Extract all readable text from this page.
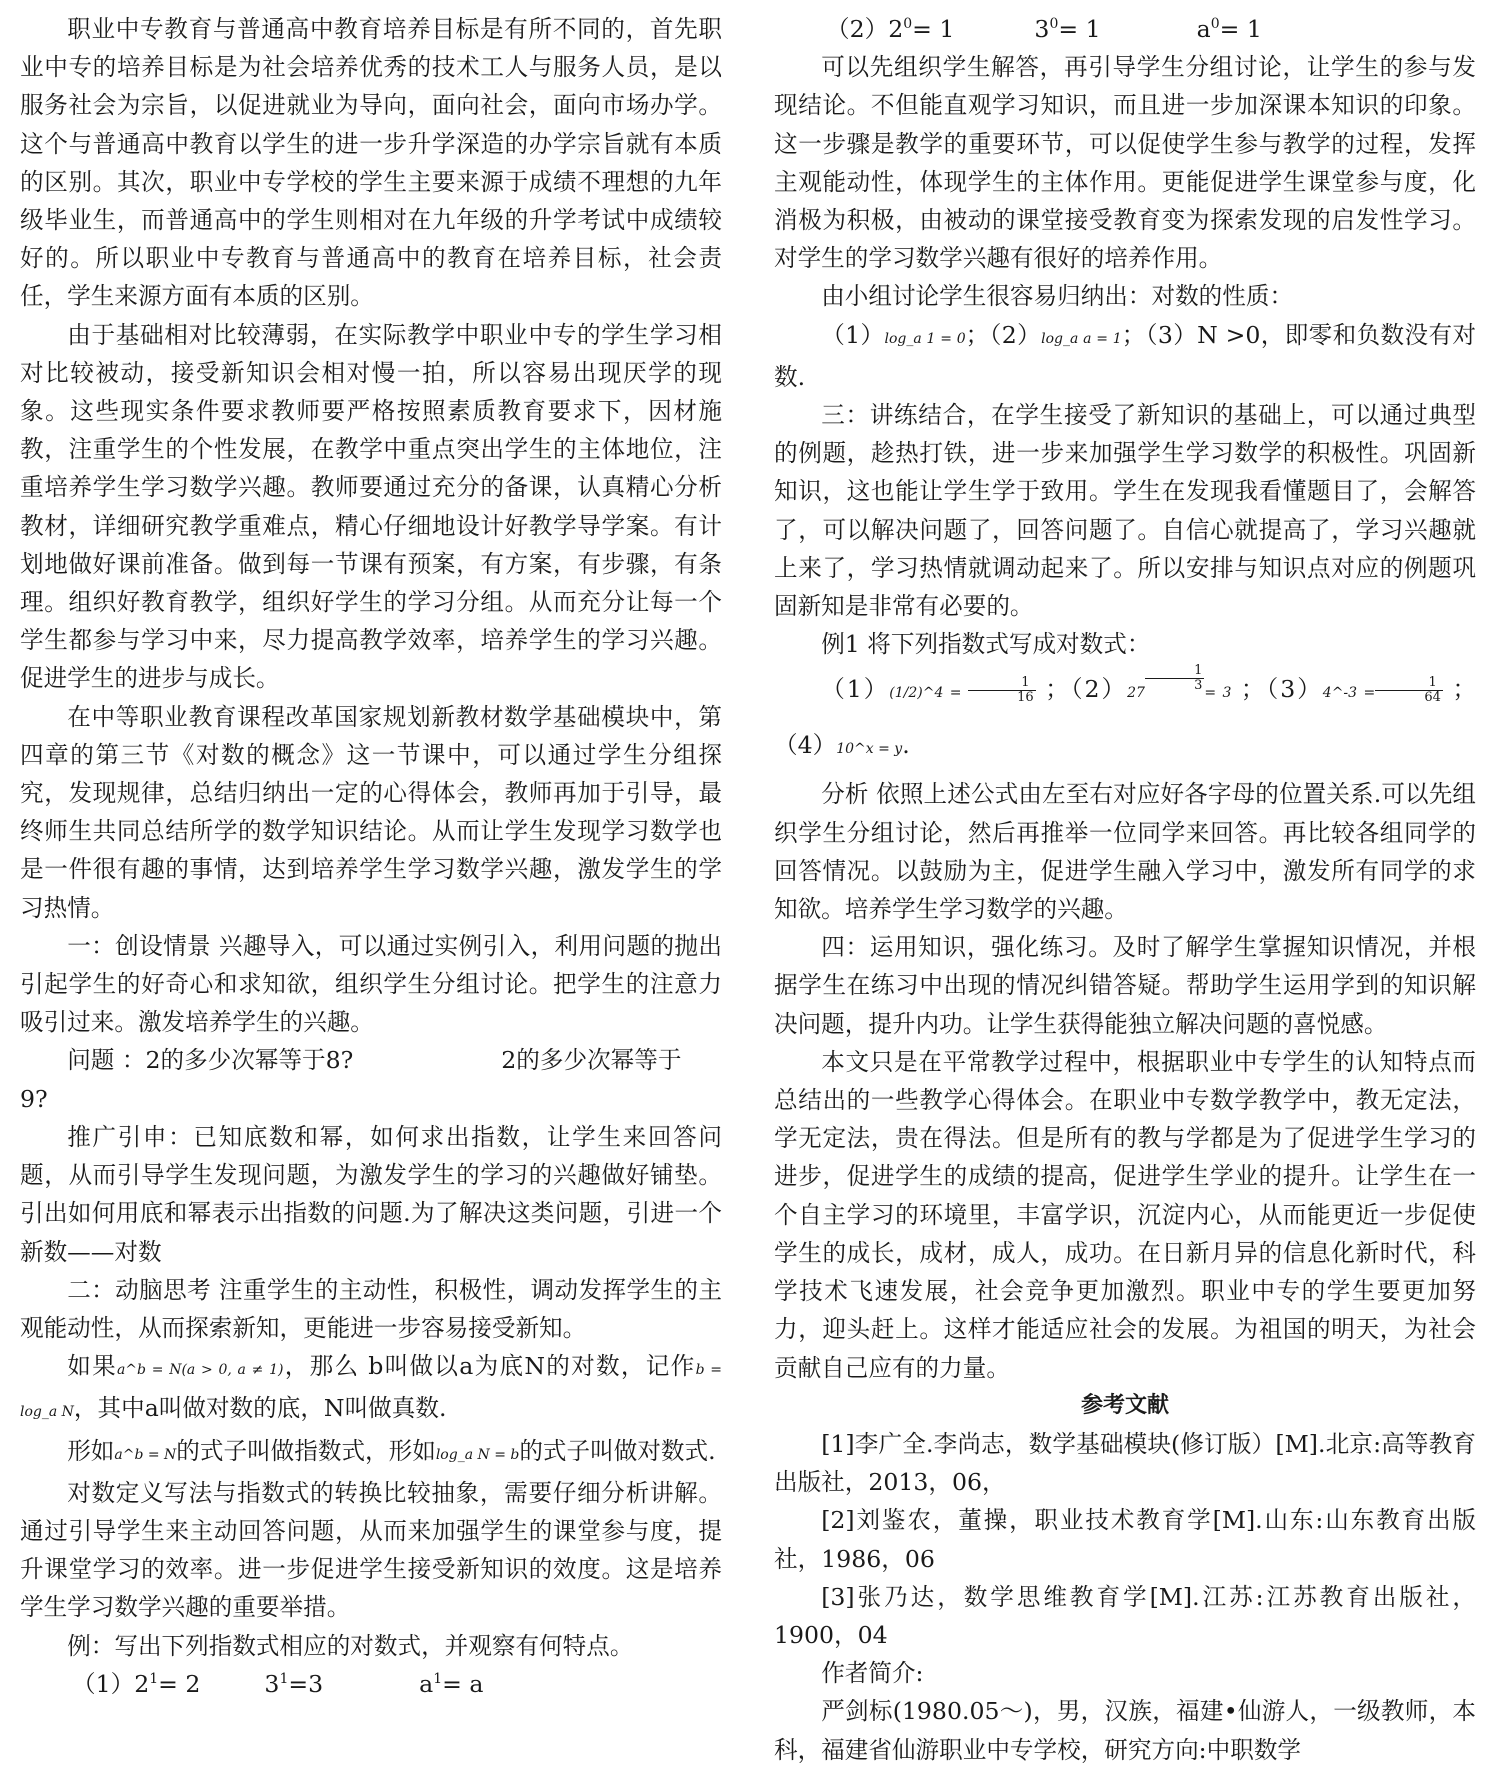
职业中专教育与普通高中教育培养目标是有所不同的，首先职业中专的培养目标是为社会培养优秀的技术工人与服务人员，是以服务社会为宗旨，以促进就业为导向，面向社会，面向市场办学。这个与普通高中教育以学生的进一步升学深造的办学宗旨就有本质的区别。其次，职业中专学校的学生主要来源于成绩不理想的九年级毕业生，而普通高中的学生则相对在九年级的升学考试中成绩较好的。所以职业中专教育与普通高中的教育在培养目标，社会责任，学生来源方面有本质的区别。

由于基础相对比较薄弱，在实际教学中职业中专的学生学习相对比较被动，接受新知识会相对慢一拍，所以容易出现厌学的现象。这些现实条件要求教师要严格按照素质教育要求下，因材施教，注重学生的个性发展，在教学中重点突出学生的主体地位，注重培养学生学习数学兴趣。教师要通过充分的备课，认真精心分析教材，详细研究教学重难点，精心仔细地设计好教学导学案。有计划地做好课前准备。做到每一节课有预案，有方案，有步骤，有条理。组织好教育教学，组织好学生的学习分组。从而充分让每一个学生都参与学习中来，尽力提高教学效率，培养学生的学习兴趣。促进学生的进步与成长。

在中等职业教育课程改革国家规划新教材数学基础模块中，第四章的第三节《对数的概念》这一节课中，可以通过学生分组探究，发现规律，总结归纳出一定的心得体会，教师再加于引导，最终师生共同总结所学的数学知识结论。从而让学生发现学习数学也是一件很有趣的事情，达到培养学生学习数学兴趣，激发学生的学习热情。

一：创设情景 兴趣导入，可以通过实例引入，利用问题的抛出引起学生的好奇心和求知欲，组织学生分组讨论。把学生的注意力吸引过来。激发培养学生的兴趣。

问题 ：2的多少次幂等于8?	2的多少次幂等于

9?

推广引申：已知底数和幂，如何求出指数，让学生来回答问题，从而引导学生发现问题，为激发学生的学习的兴趣做好铺垫。引出如何用底和幂表示出指数的问题.为了解决这类问题，引进一个新数——对数

二：动脑思考 注重学生的主动性，积极性，调动发挥学生的主观能动性，从而探索新知，更能进一步容易接受新知。

如果a^b = N(a > 0, a ≠ 1)，那么 b叫做以a为底N的对数，记作b = log_a N，其中a叫做对数的底，N叫做真数.

形如a^b = N的式子叫做指数式，形如log_a N = b的式子叫做对数式.

对数定义写法与指数式的转换比较抽象，需要仔细分析讲解。通过引导学生来主动回答问题，从而来加强学生的课堂参与度，提升课堂学习的效率。进一步促进学生接受新知识的效度。这是培养学生学习数学兴趣的重要举措。

例：写出下列指数式相应的对数式，并观察有何特点。

$(1)2^1= 2$	$3^1=3$	$a^1= a$

$(2)2^0= 1$	$3^0= 1$	$a^0= 1$

可以先组织学生解答，再引导学生分组讨论，让学生的参与发现结论。不但能直观学习知识，而且进一步加深课本知识的印象。这一步骤是教学的重要环节，可以促使学生参与教学的过程，发挥主观能动性，体现学生的主体作用。更能促进学生课堂参与度，化消极为积极，由被动的课堂接受教育变为探索发现的启发性学习。对学生的学习数学兴趣有很好的培养作用。

由小组讨论学生很容易归纳出：对数的性质：

（1）log_a 1 = 0；（2）log_a a = 1；（3）N >0，即零和负数没有对数.

三：讲练结合，在学生接受了新知识的基础上，可以通过典型的例题，趁热打铁，进一步来加强学生学习数学的积极性。巩固新知识，这也能让学生学于致用。学生在发现我看懂题目了，会解答了，可以解决问题了，回答问题了。自信心就提高了，学习兴趣就上来了，学习热情就调动起来了。所以安排与知识点对应的例题巩固新知是非常有必要的。

例1 将下列指数式写成对数式：

（1）(1/2)^4 = $\frac{1}{16}$ ；（2）27
$\frac{1}{3}$
= 3 ；（3）4^-3 = $\frac{1}{64}$ ；（4）10^x = y.

分析 依照上述公式由左至右对应好各字母的位置关系.可以先组织学生分组讨论，然后再推举一位同学来回答。再比较各组同学的回答情况。以鼓励为主，促进学生融入学习中，激发所有同学的求知欲。培养学生学习数学的兴趣。

四：运用知识，强化练习。及时了解学生掌握知识情况，并根据学生在练习中出现的情况纠错答疑。帮助学生运用学到的知识解决问题，提升内功。让学生获得能独立解决问题的喜悦感。

本文只是在平常教学过程中，根据职业中专学生的认知特点而总结出的一些教学心得体会。在职业中专数学教学中，教无定法，学无定法，贵在得法。但是所有的教与学都是为了促进学生学习的进步，促进学生的成绩的提高，促进学生学业的提升。让学生在一个自主学习的环境里，丰富学识，沉淀内心，从而能更近一步促使学生的成长，成材，成人，成功。在日新月异的信息化新时代，科学技术飞速发展，社会竞争更加激烈。职业中专的学生要更加努力，迎头赶上。这样才能适应社会的发展。为祖国的明天，为社会贡献自己应有的力量。

参考文献

[1]李广全.李尚志，数学基础模块(修订版）[M].北京:高等教育出版社，2013，06，

[2]刘鉴农，董操，职业技术教育学[M].山东:山东教育出版社，1986，06

[3]张乃达，数学思维教育学[M].江苏:江苏教育出版社，1900，04

作者简介:

严剑标(1980.05～)，男，汉族，福建•仙游人，一级教师，本科，福建省仙游职业中专学校，研究方向:中职数学
